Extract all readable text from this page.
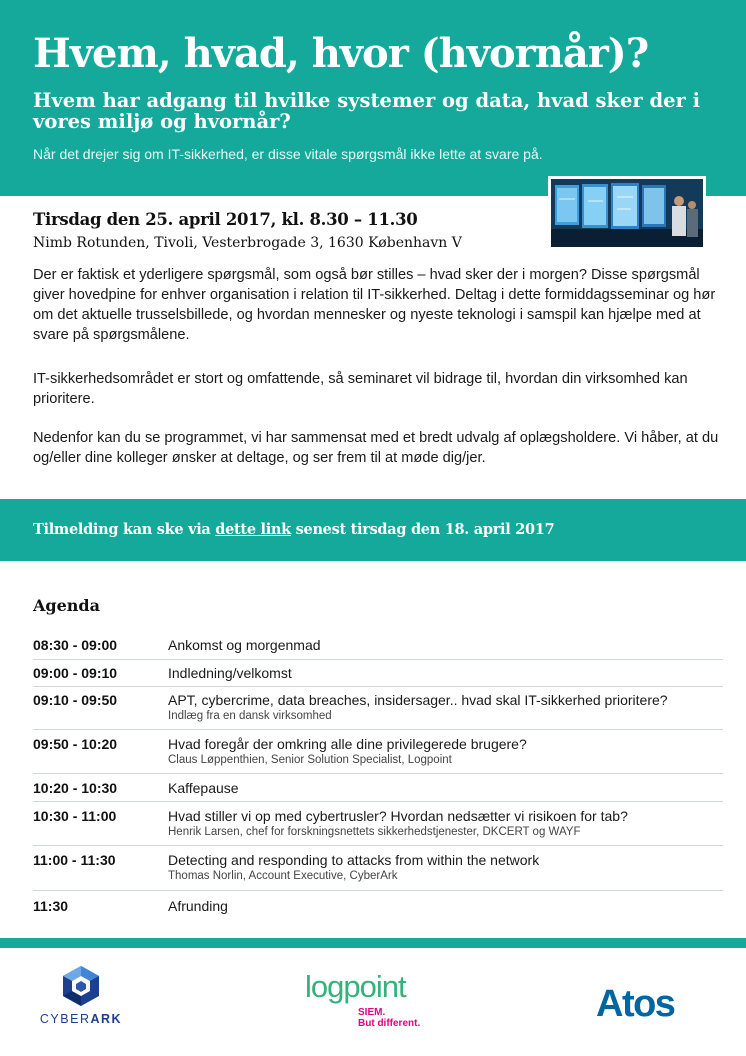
Hvem, hvad, hvor (hvornår)?
Hvem har adgang til hvilke systemer og data, hvad sker der i vores miljø og hvornår?
Når det drejer sig om IT-sikkerhed, er disse vitale spørgsmål ikke lette at svare på.
Tirsdag den 25. april 2017, kl. 8.30 – 11.30
Nimb Rotunden, Tivoli, Vesterbrogade 3, 1630 København V
Der er faktisk et yderligere spørgsmål, som også bør stilles – hvad sker der i morgen? Disse spørgsmål giver hovedpine for enhver organisation i relation til IT-sikkerhed. Deltag i dette formiddagsseminar og hør om det aktuelle trusselsbillede, og hvordan mennesker og nyeste teknologi i samspil kan hjælpe med at svare på spørgsmålene.
IT-sikkerhedsområdet er stort og omfattende, så seminaret vil bidrage til, hvordan din virksomhed kan prioritere.
Nedenfor kan du se programmet, vi har sammensat med et bredt udvalg af oplægsholdere. Vi håber, at du og/eller dine kolleger ønsker at deltage, og ser frem til at møde dig/jer.
Tilmelding kan ske via dette link senest tirsdag den 18. april 2017
Agenda
08:30 - 09:00	Ankomst og morgenmad
09:00 - 09:10	Indledning/velkomst
09:10 - 09:50	APT, cybercrime, data breaches, insidersager.. hvad skal IT-sikkerhed prioritere?
Indlæg fra en dansk virksomhed
09:50 - 10:20	Hvad foregår der omkring alle dine privilegerede brugere?
Claus Løppenthien, Senior Solution Specialist, Logpoint
10:20 - 10:30	Kaffepause
10:30 - 11:00	Hvad stiller vi op med cybertrusler? Hvordan nedsætter vi risikoen for tab?
Henrik Larsen, chef for forskningsnettets sikkerhedstjenester, DKCERT og WAYF
11:00 - 11:30	Detecting and responding to attacks from within the network
Thomas Norlin, Account Executive, CyberArk
11:30	Afrunding
CYBERARK
logpoint
SIEM.
But different.	Atos
